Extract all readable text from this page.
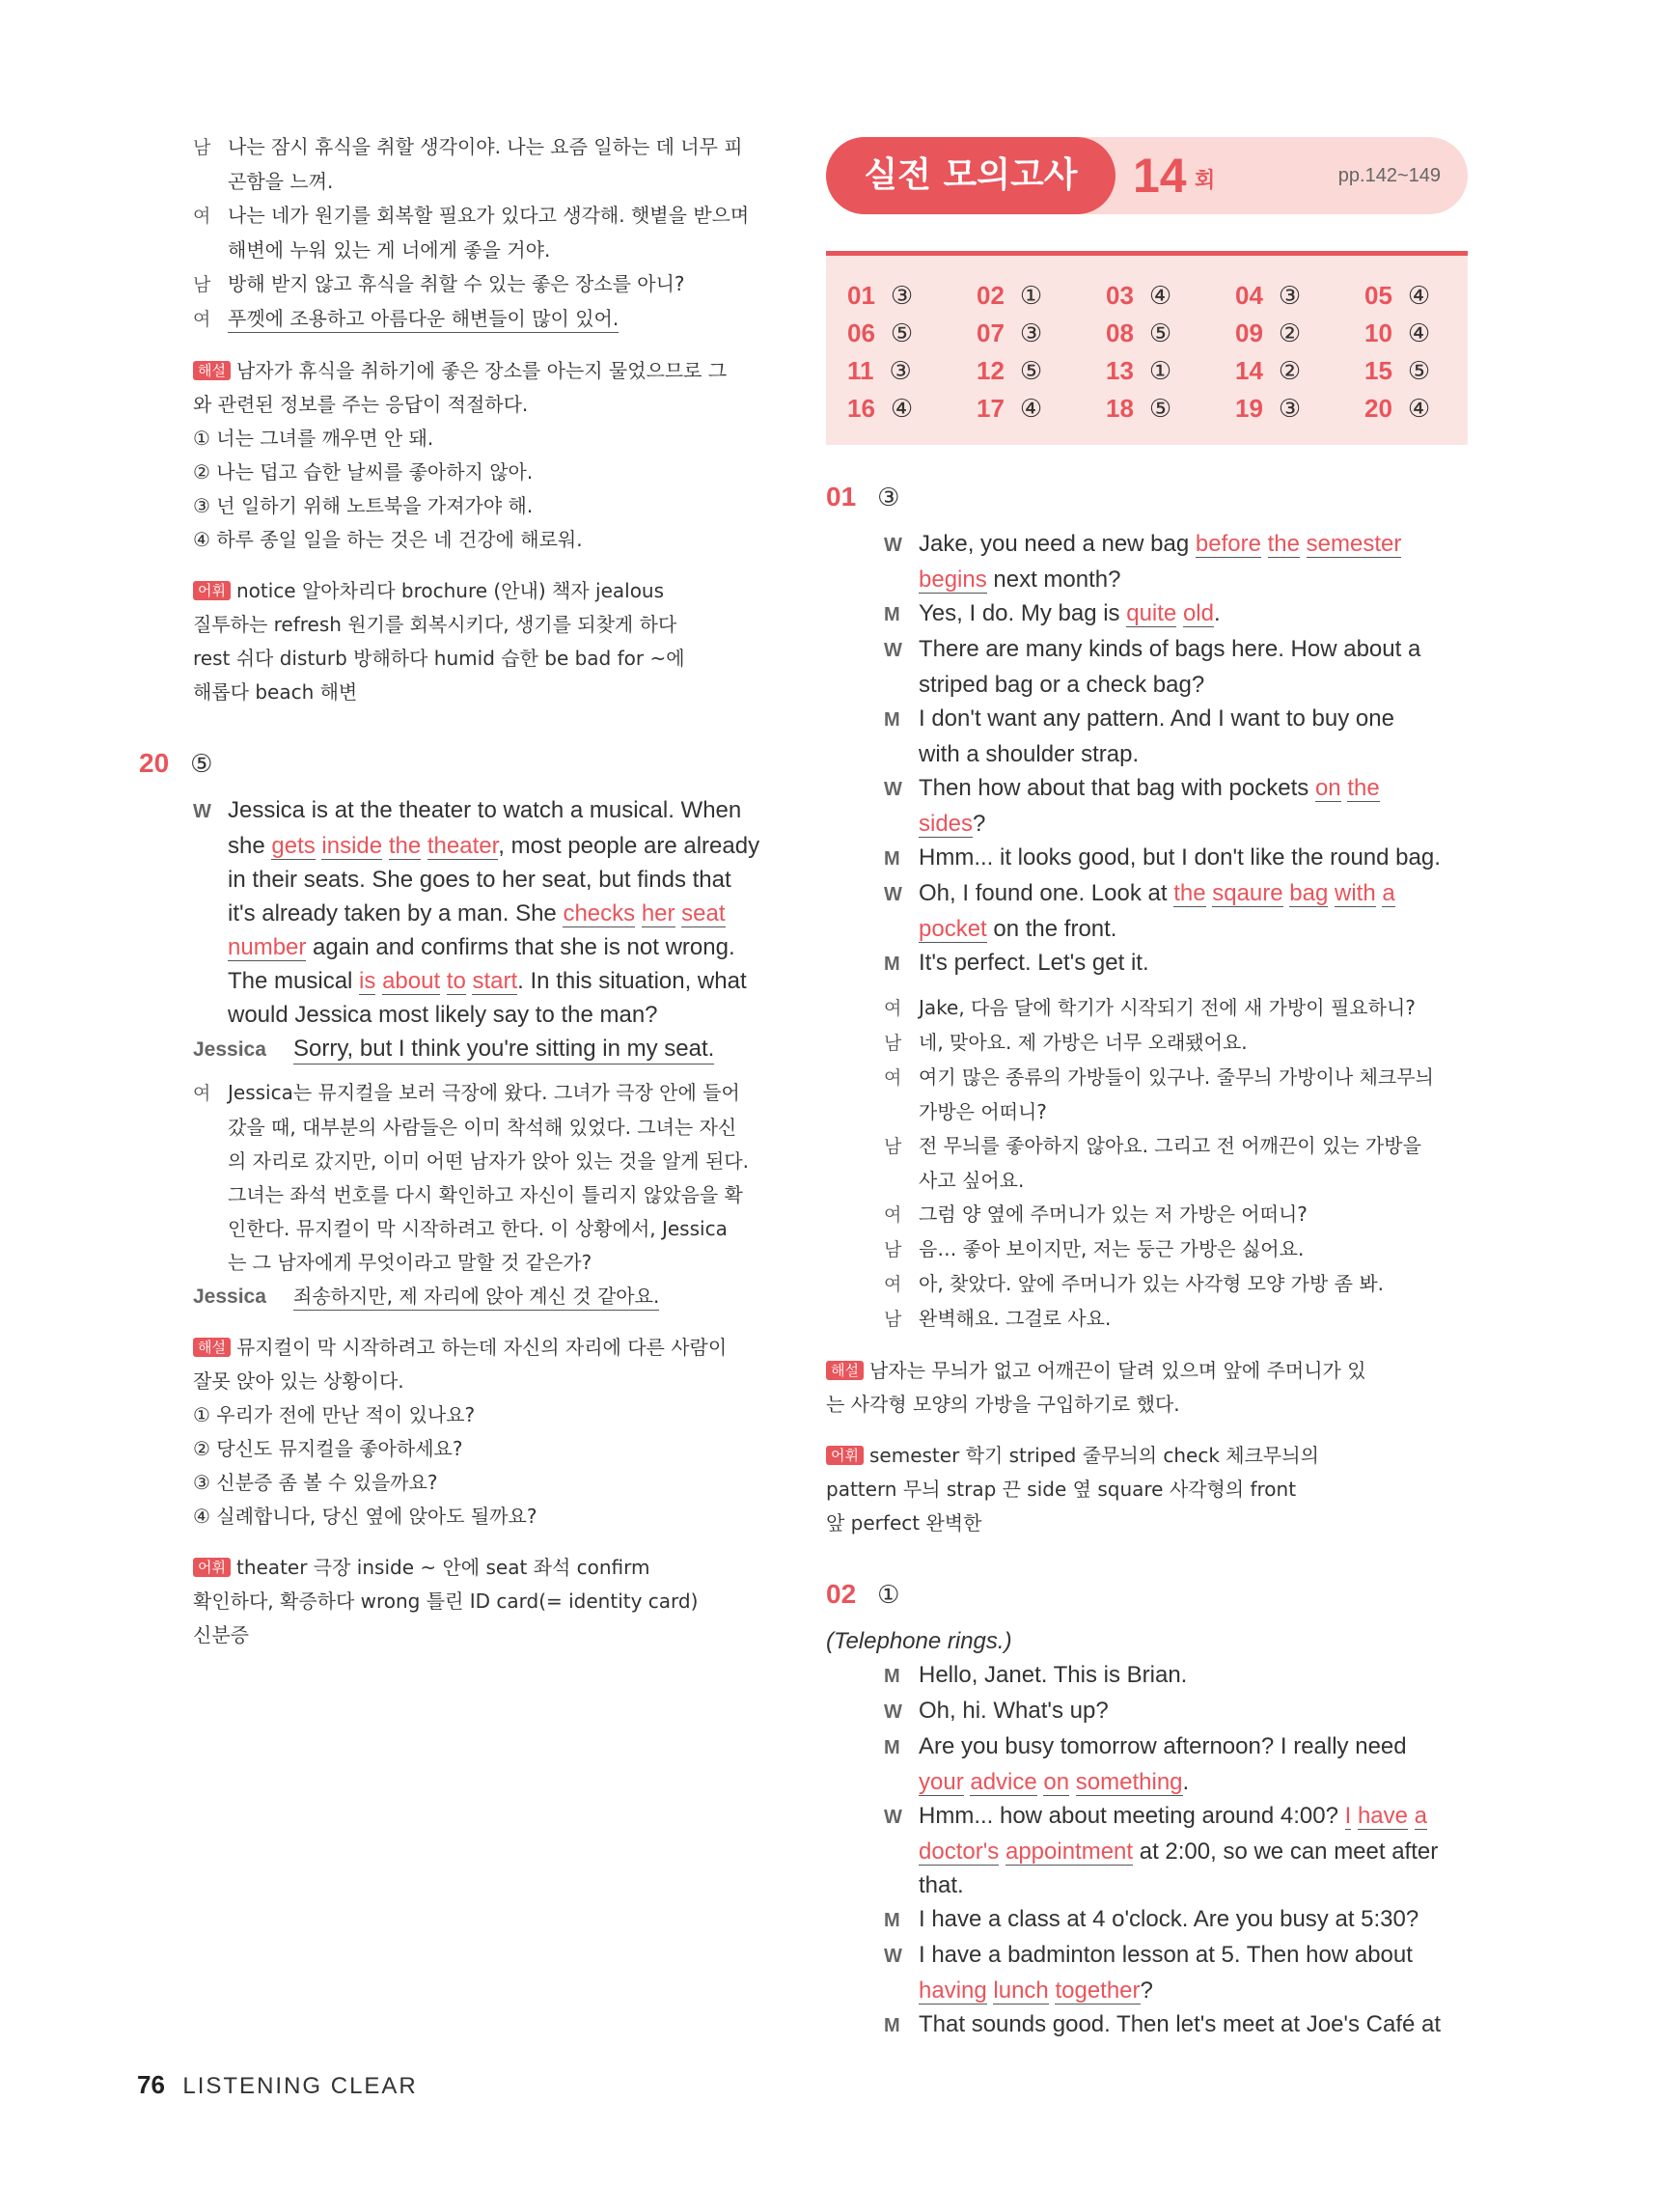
남 나는 잠시 휴식을 취할 생각이야. 나는 요즘 일하는 데 너무 피
곤함을 느껴.
여 나는 네가 원기를 회복할 필요가 있다고 생각해. 햇볕을 받으며
해변에 누워 있는 게 너에게 좋을 거야.
남 방해 받지 않고 휴식을 취할 수 있는 좋은 장소를 아니?
여 푸껫에 조용하고 아름다운 해변들이 많이 있어.
해설 남자가 휴식을 취하기에 좋은 장소를 아는지 물었으므로 그
와 관련된 정보를 주는 응답이 적절하다.
① 너는 그녀를 깨우면 안 돼.
② 나는 덥고 습한 날씨를 좋아하지 않아.
③ 넌 일하기 위해 노트북을 가져가야 해.
④ 하루 종일 일을 하는 것은 네 건강에 해로워.
어휘 notice 알아차리다 brochure (안내) 책자 jealous
질투하는 refresh 원기를 회복시키다, 생기를 되찾게 하다
rest 쉬다 disturb 방해하다 humid 습한 be bad for ~에
해롭다 beach 해변
20 ⑤
W Jessica is at the theater to watch a musical. When
she gets inside the theater, most people are already
in their seats. She goes to her seat, but finds that
it's already taken by a man. She checks her seat
number again and confirms that she is not wrong.
The musical is about to start. In this situation, what
would Jessica most likely say to the man?
Jessica Sorry, but I think you're sitting in my seat.
여 Jessica는 뮤지컬을 보러 극장에 왔다. 그녀가 극장 안에 들어
갔을 때, 대부분의 사람들은 이미 착석해 있었다. 그녀는 자신
의 자리로 갔지만, 이미 어떤 남자가 앉아 있는 것을 알게 된다.
그녀는 좌석 번호를 다시 확인하고 자신이 틀리지 않았음을 확
인한다. 뮤지컬이 막 시작하려고 한다. 이 상황에서, Jessica
는 그 남자에게 무엇이라고 말할 것 같은가?
Jessica 죄송하지만, 제 자리에 앉아 계신 것 같아요.
해설 뮤지컬이 막 시작하려고 하는데 자신의 자리에 다른 사람이
잘못 앉아 있는 상황이다.
① 우리가 전에 만난 적이 있나요?
② 당신도 뮤지컬을 좋아하세요?
③ 신분증 좀 볼 수 있을까요?
④ 실례합니다, 당신 옆에 앉아도 될까요?
어휘 theater 극장 inside ~ 안에 seat 좌석 confirm
확인하다, 확증하다 wrong 틀린 ID card(= identity card)
신분증
실전 모의고사	14 회	pp.142~149
01 ③	02 ①	03 ④	04 ③	05 ④
06 ⑤	07 ③	08 ⑤	09 ②	10 ④
11 ③	12 ⑤	13 ①	14 ②	15 ⑤
16 ④	17 ④	18 ⑤	19 ③	20 ④
01 ③
W Jake, you need a new bag before the semester
begins next month?
M Yes, I do. My bag is quite old.
W There are many kinds of bags here. How about a
striped bag or a check bag?
M I don't want any pattern. And I want to buy one
with a shoulder strap.
W Then how about that bag with pockets on the
sides?
M Hmm... it looks good, but I don't like the round bag.
W Oh, I found one. Look at the sqaure bag with a
pocket on the front.
M It's perfect. Let's get it.
여 Jake, 다음 달에 학기가 시작되기 전에 새 가방이 필요하니?
남 네, 맞아요. 제 가방은 너무 오래됐어요.
여 여기 많은 종류의 가방들이 있구나. 줄무늬 가방이나 체크무늬
가방은 어떠니?
남 전 무늬를 좋아하지 않아요. 그리고 전 어깨끈이 있는 가방을
사고 싶어요.
여 그럼 양 옆에 주머니가 있는 저 가방은 어떠니?
남 음… 좋아 보이지만, 저는 둥근 가방은 싫어요.
여 아, 찾았다. 앞에 주머니가 있는 사각형 모양 가방 좀 봐.
남 완벽해요. 그걸로 사요.
해설 남자는 무늬가 없고 어깨끈이 달려 있으며 앞에 주머니가 있
는 사각형 모양의 가방을 구입하기로 했다.
어휘 semester 학기 striped 줄무늬의 check 체크무늬의
pattern 무늬 strap 끈 side 옆 square 사각형의 front
앞 perfect 완벽한
02 ①
(Telephone rings.)
M Hello, Janet. This is Brian.
W Oh, hi. What's up?
M Are you busy tomorrow afternoon? I really need
your advice on something.
W Hmm... how about meeting around 4:00? I have a
doctor's appointment at 2:00, so we can meet after
that.
M I have a class at 4 o'clock. Are you busy at 5:30?
W I have a badminton lesson at 5. Then how about
having lunch together?
M That sounds good. Then let's meet at Joe's Café at
76 LISTENING CLEAR
